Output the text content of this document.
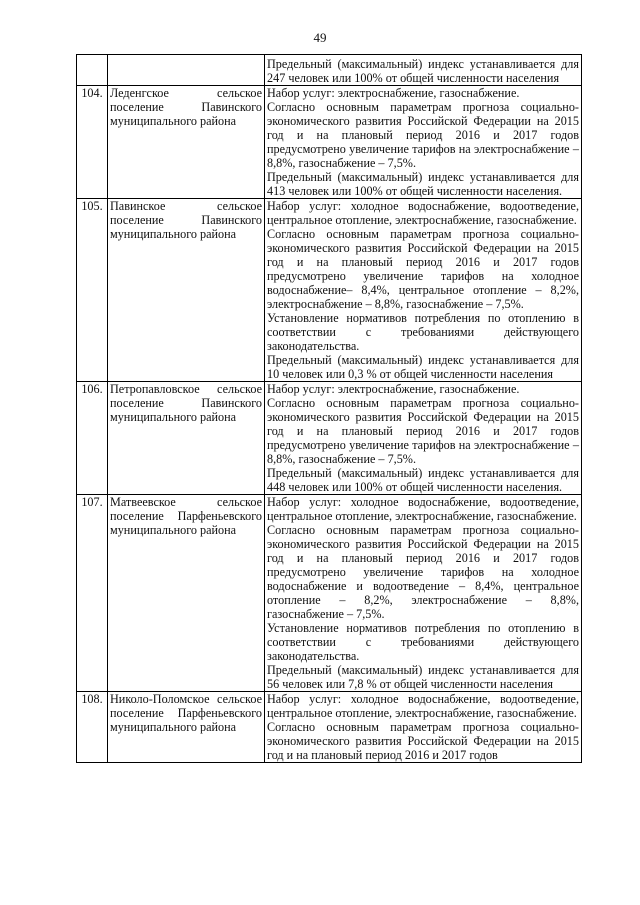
49

		Предельный (максимальный) индекс устанавливается для 247 человек или 100% от общей численности населения

104.	Леденгское сельское поселение Павинского муниципального района	Набор услуг: электроснабжение, газоснабжение.
Согласно основным параметрам прогноза социально-экономического развития Российской Федерации на 2015 год и на плановый период 2016 и 2017 годов предусмотрено увеличение тарифов на электроснабжение – 8,8%, газоснабжение – 7,5%.
Предельный (максимальный) индекс устанавливается для 413 человек или 100% от общей численности населения.

105.	Павинское сельское поселение Павинского муниципального района	Набор услуг: холодное водоснабжение, водоотведение, центральное отопление, электроснабжение, газоснабжение.
Согласно основным параметрам прогноза социально-экономического развития Российской Федерации на 2015 год и на плановый период 2016 и 2017 годов предусмотрено увеличение тарифов на холодное водоснабжение– 8,4%, центральное отопление – 8,2%, электроснабжение – 8,8%, газоснабжение – 7,5%.
Установление нормативов потребления по отоплению в соответствии с требованиями действующего законодательства.
Предельный (максимальный) индекс устанавливается для 10 человек или 0,3 % от общей численности населения

106.	Петропавловское сельское поселение Павинского муниципального района	Набор услуг: электроснабжение, газоснабжение.
Согласно основным параметрам прогноза социально-экономического развития Российской Федерации на 2015 год и на плановый период 2016 и 2017 годов предусмотрено увеличение тарифов на электроснабжение – 8,8%, газоснабжение – 7,5%.
Предельный (максимальный) индекс устанавливается для 448 человек или 100% от общей численности населения.

107.	Матвеевское сельское поселение Парфеньевского муниципального района	Набор услуг: холодное водоснабжение, водоотведение, центральное отопление, электроснабжение, газоснабжение.
Согласно основным параметрам прогноза социально-экономического развития Российской Федерации на 2015 год и на плановый период 2016 и 2017 годов предусмотрено увеличение тарифов на холодное водоснабжение и водоотведение – 8,4%, центральное отопление – 8,2%, электроснабжение – 8,8%, газоснабжение – 7,5%.
Установление нормативов потребления по отоплению в соответствии с требованиями действующего законодательства.
Предельный (максимальный) индекс устанавливается для 56 человек или 7,8 % от общей численности населения

108.	Николо-Поломское сельское поселение Парфеньевского муниципального района	Набор услуг: холодное водоснабжение, водоотведение, центральное отопление, электроснабжение, газоснабжение.
Согласно основным параметрам прогноза социально-экономического развития Российской Федерации на 2015 год и на плановый период 2016 и 2017 годов
